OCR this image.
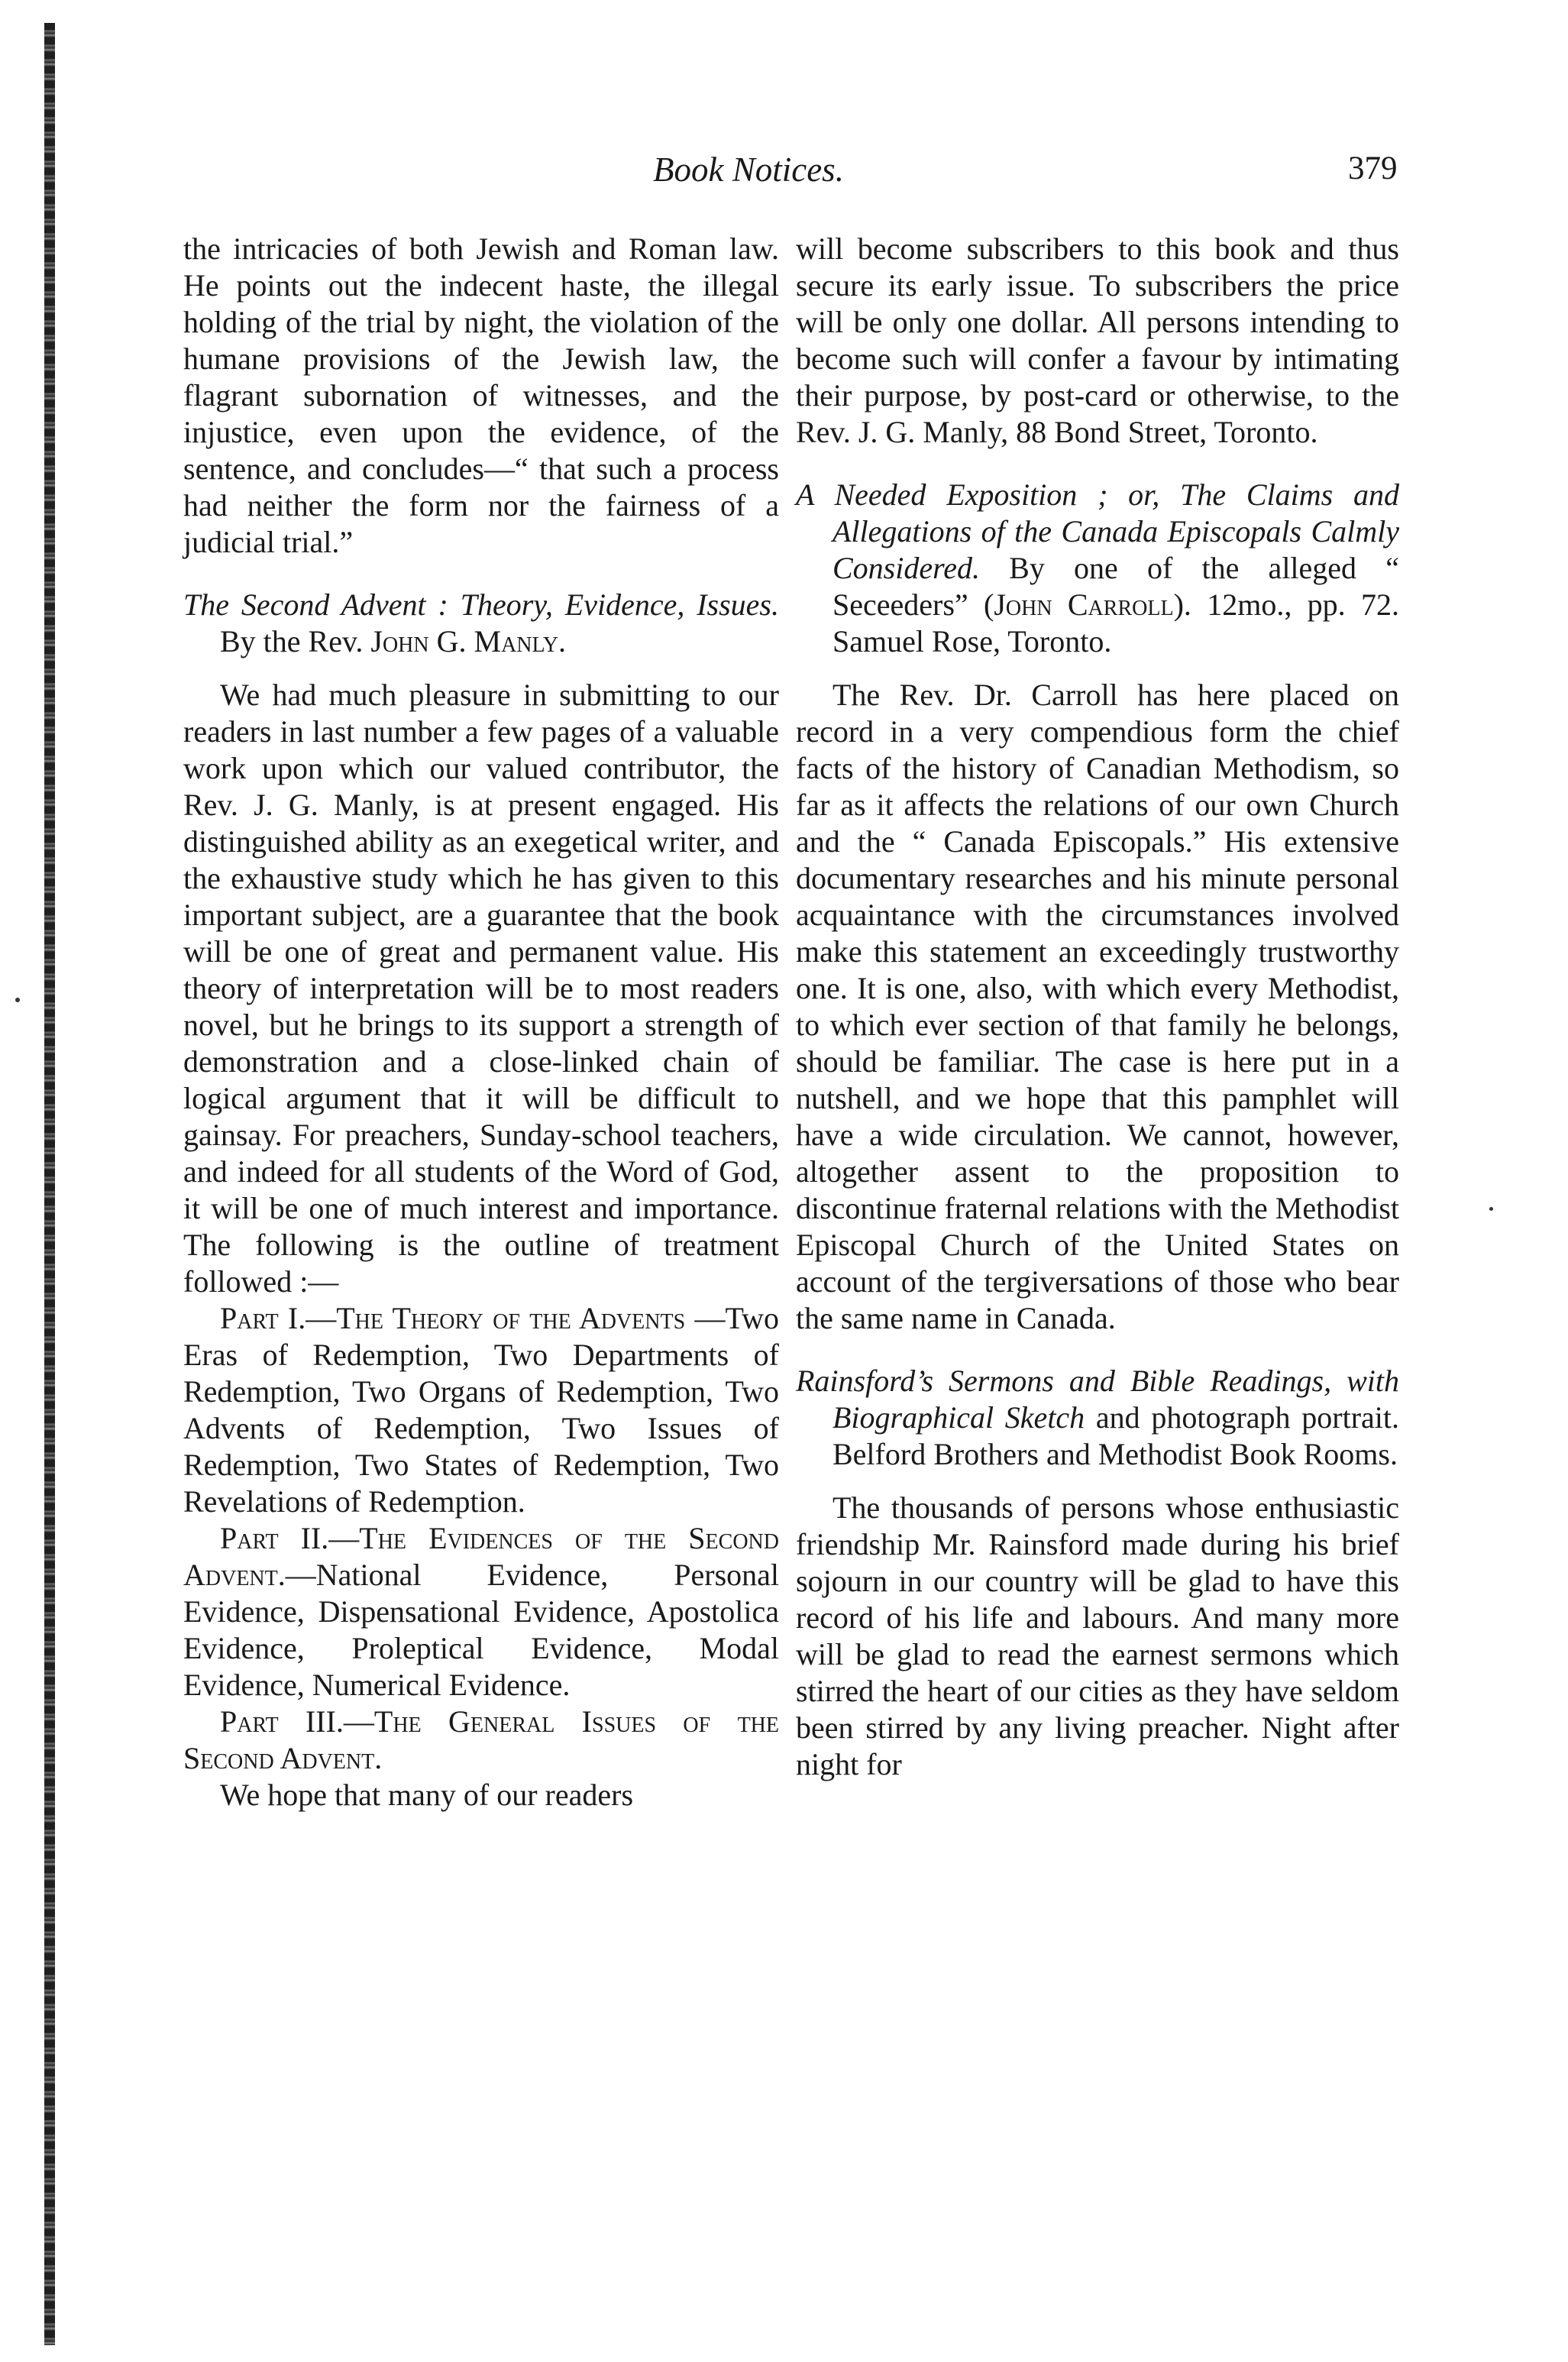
Book Notices.	379

the intricacies of both Jewish and Roman law. He points out the indecent haste, the illegal holding of the trial by night, the violation of the humane provisions of the Jewish law, the flagrant subornation of witnesses, and the injustice, even upon the evidence, of the sentence, and concludes—“ that such a process had neither the form nor the fairness of a judicial trial.”

The Second Advent : Theory, Evidence, Issues. By the Rev. John G. Manly.

We had much pleasure in submitting to our readers in last number a few pages of a valuable work upon which our valued contributor, the Rev. J. G. Manly, is at present engaged. His distinguished ability as an exegetical writer, and the exhaustive study which he has given to this important subject, are a guarantee that the book will be one of great and permanent value. His theory of interpretation will be to most readers novel, but he brings to its support a strength of demonstration and a close-linked chain of logical argument that it will be difficult to gainsay. For preachers, Sunday-school teachers, and indeed for all students of the Word of God, it will be one of much interest and importance. The following is the outline of treatment followed :—

Part I.—The Theory of the Advents —Two Eras of Redemption, Two Departments of Redemption, Two Organs of Redemption, Two Advents of Redemption, Two Issues of Redemption, Two States of Redemption, Two Revelations of Redemption.

Part II.—The Evidences of the Second Advent.—National Evidence, Personal Evidence, Dispensational Evidence, Apostolica Evidence, Proleptical Evidence, Modal Evidence, Numerical Evidence.

Part III.—The General Issues of the Second Advent.

We hope that many of our readers

will become subscribers to this book and thus secure its early issue. To subscribers the price will be only one dollar. All persons intending to become such will confer a favour by intimating their purpose, by post-card or otherwise, to the Rev. J. G. Manly, 88 Bond Street, Toronto.

A Needed Exposition ; or, The Claims and Allegations of the Canada Episcopals Calmly Considered. By one of the alleged “ Seceeders” (John Carroll). 12mo., pp. 72. Samuel Rose, Toronto.

The Rev. Dr. Carroll has here placed on record in a very compendious form the chief facts of the history of Canadian Methodism, so far as it affects the relations of our own Church and the “ Canada Episcopals.” His extensive documentary researches and his minute personal acquaintance with the circumstances involved make this statement an exceedingly trustworthy one. It is one, also, with which every Methodist, to which ever section of that family he belongs, should be familiar. The case is here put in a nutshell, and we hope that this pamphlet will have a wide circulation. We cannot, however, altogether assent to the proposition to discontinue fraternal relations with the Methodist Episcopal Church of the United States on account of the tergiversations of those who bear the same name in Canada.

Rainsford’s Sermons and Bible Readings, with Biographical Sketch and photograph portrait. Belford Brothers and Methodist Book Rooms.

The thousands of persons whose enthusiastic friendship Mr. Rainsford made during his brief sojourn in our country will be glad to have this record of his life and labours. And many more will be glad to read the earnest sermons which stirred the heart of our cities as they have seldom been stirred by any living preacher. Night after night for
